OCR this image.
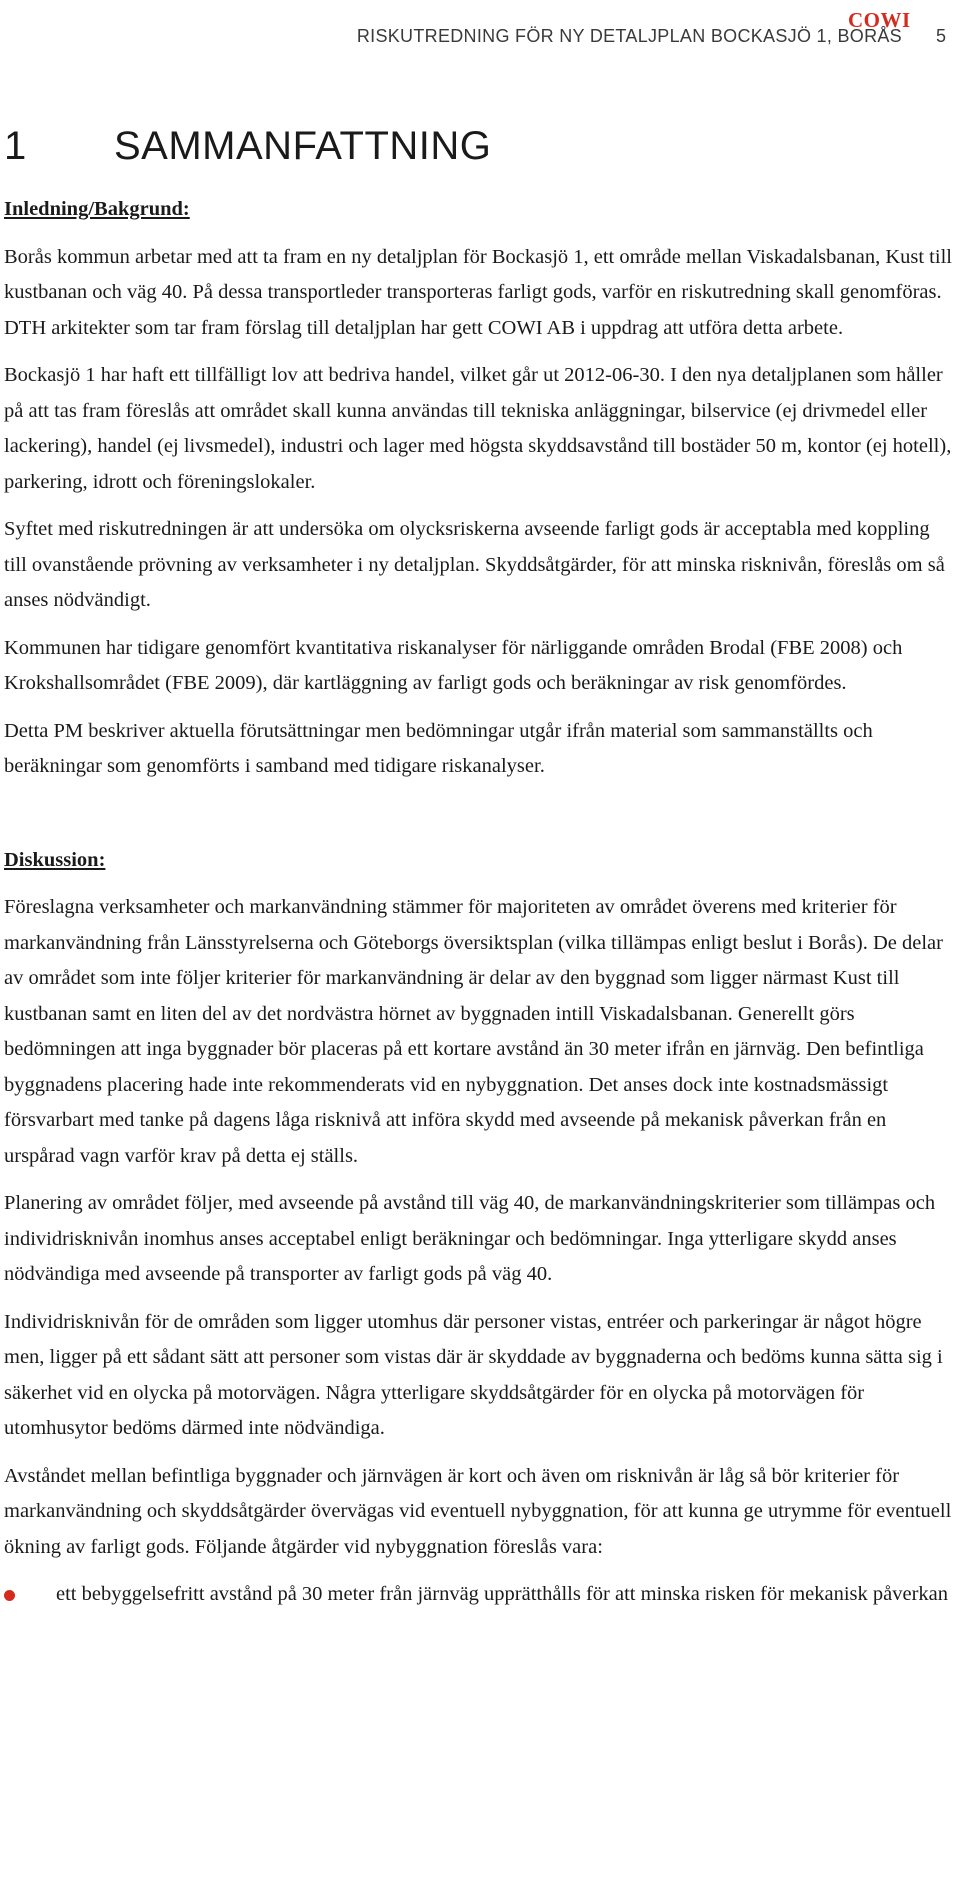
COWI
RISKUTREDNING FÖR NY DETALJPLAN BOCKASJÖ 1, BORÅS 5
1 SAMMANFATTNING

Inledning/Bakgrund:

Borås kommun arbetar med att ta fram en ny detaljplan för Bockasjö 1, ett område mellan Viskadalsbanan, Kust till kustbanan och väg 40. På dessa transportleder transporteras farligt gods, varför en riskutredning skall genomföras. DTH arkitekter som tar fram förslag till detaljplan har gett COWI AB i uppdrag att utföra detta arbete.

Bockasjö 1 har haft ett tillfälligt lov att bedriva handel, vilket går ut 2012-06-30. I den nya detaljplanen som håller på att tas fram föreslås att området skall kunna användas till tekniska anläggningar, bilservice (ej drivmedel eller lackering), handel (ej livsmedel), industri och lager med högsta skyddsavstånd till bostäder 50 m, kontor (ej hotell), parkering, idrott och föreningslokaler.

Syftet med riskutredningen är att undersöka om olycksriskerna avseende farligt gods är acceptabla med koppling till ovanstående prövning av verksamheter i ny detaljplan. Skyddsåtgärder, för att minska risknivån, föreslås om så anses nödvändigt.

Kommunen har tidigare genomfört kvantitativa riskanalyser för närliggande områden Brodal (FBE 2008) och Krokshallsområdet (FBE 2009), där kartläggning av farligt gods och beräkningar av risk genomfördes.

Detta PM beskriver aktuella förutsättningar men bedömningar utgår ifrån material som sammanställts och beräkningar som genomförts i samband med tidigare riskanalyser.

Diskussion:

Föreslagna verksamheter och markanvändning stämmer för majoriteten av området överens med kriterier för markanvändning från Länsstyrelserna och Göteborgs översiktsplan (vilka tillämpas enligt beslut i Borås). De delar av området som inte följer kriterier för markanvändning är delar av den byggnad som ligger närmast Kust till kustbanan samt en liten del av det nordvästra hörnet av byggnaden intill Viskadalsbanan. Generellt görs bedömningen att inga byggnader bör placeras på ett kortare avstånd än 30 meter ifrån en järnväg. Den befintliga byggnadens placering hade inte rekommenderats vid en nybyggnation. Det anses dock inte kostnadsmässigt försvarbart med tanke på dagens låga risknivå att införa skydd med avseende på mekanisk påverkan från en urspårad vagn varför krav på detta ej ställs.

Planering av området följer, med avseende på avstånd till väg 40, de markanvändningskriterier som tillämpas och individrisknivån inomhus anses acceptabel enligt beräkningar och bedömningar. Inga ytterligare skydd anses nödvändiga med avseende på transporter av farligt gods på väg 40.

Individrisknivån för de områden som ligger utomhus där personer vistas, entréer och parkeringar är något högre men, ligger på ett sådant sätt att personer som vistas där är skyddade av byggnaderna och bedöms kunna sätta sig i säkerhet vid en olycka på motorvägen. Några ytterligare skyddsåtgärder för en olycka på motorvägen för utomhusytor bedöms därmed inte nödvändiga.

Avståndet mellan befintliga byggnader och järnvägen är kort och även om risknivån är låg så bör kriterier för markanvändning och skyddsåtgärder övervägas vid eventuell nybyggnation, för att kunna ge utrymme för eventuell ökning av farligt gods. Följande åtgärder vid nybyggnation föreslås vara:

ett bebyggelsefritt avstånd på 30 meter från järnväg upprätthålls för att minska risken för mekanisk påverkan
